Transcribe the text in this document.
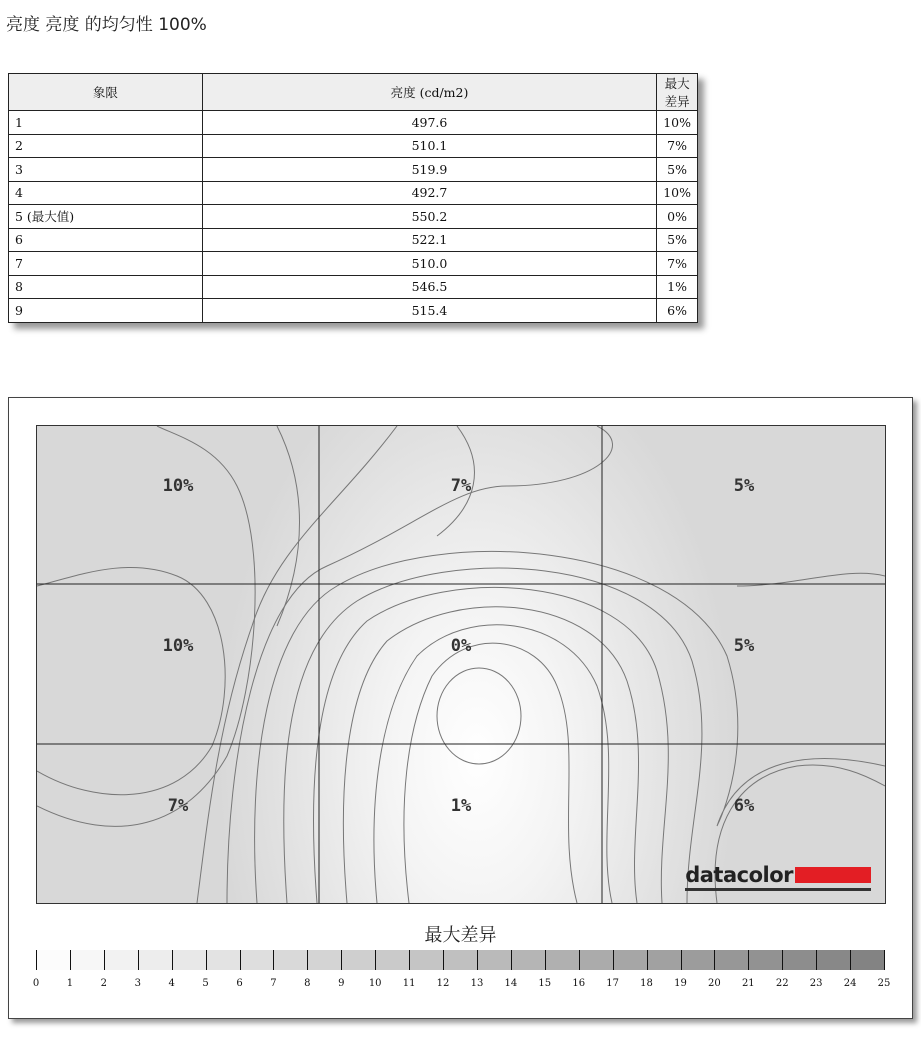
亮度 亮度 的均匀性 100%
象限	亮度 (cd/m2)	最大差异
1	497.6	10%
2	510.1	7%
3	519.9	5%
4	492.7	10%
5 (最大值)	550.2	0%
6	522.1	5%
7	510.0	7%
8	546.5	1%
9	515.4	6%
10%	7%	5%
10%	0%	5%
7%	1%	6%
datacolor
最大差异
0	1	2	3	4	5	6	7	8	9 10 11 12 13 14 15 16 17 18 19 20 21 22 23 24 25
